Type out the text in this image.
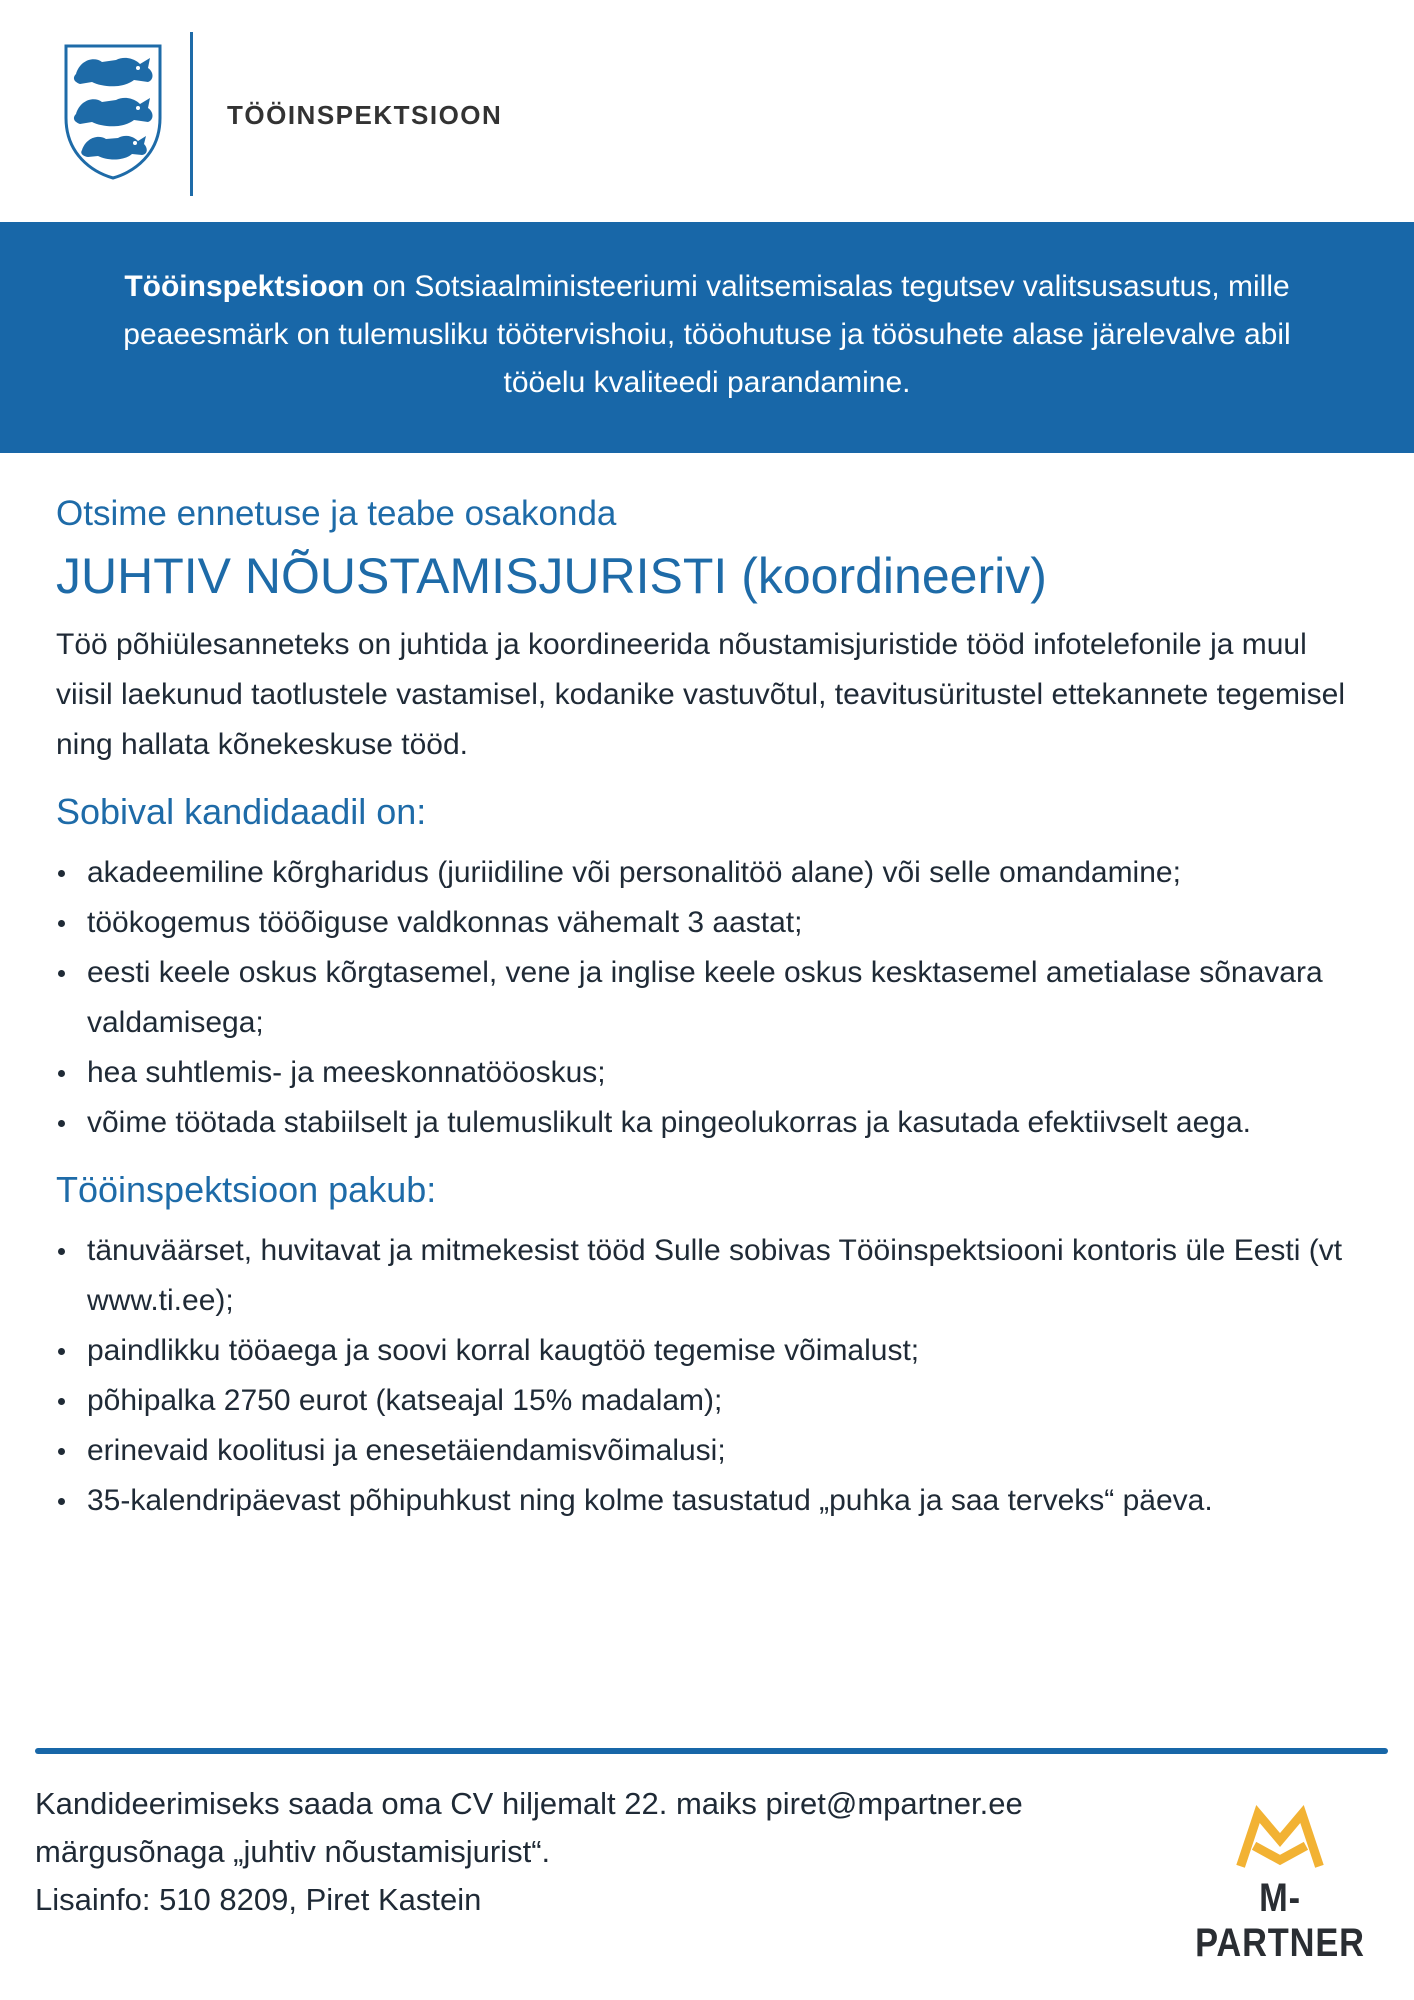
TÖÖINSPEKTSIOON
Tööinspektsioon on Sotsiaalministeeriumi valitsemisalas tegutsev valitsusasutus, mille peaeesmärk on tulemusliku töötervishoiu, tööohutuse ja töösuhete alase järelevalve abil tööelu kvaliteedi parandamine.

Otsime ennetuse ja teabe osakonda

JUHTIV NÕUSTAMISJURISTI (koordineeriv)

Töö põhiülesanneteks on juhtida ja koordineerida nõustamisjuristide tööd infotelefonile ja muul viisil laekunud taotlustele vastamisel, kodanike vastuvõtul, teavitusüritustel ettekannete tegemisel ning hallata kõnekeskuse tööd.

Sobival kandidaadil on:
akadeemiline kõrgharidus (juriidiline või personalitöö alane) või selle omandamine;
töökogemus tööõiguse valdkonnas vähemalt 3 aastat;
eesti keele oskus kõrgtasemel, vene ja inglise keele oskus kesktasemel ametialase sõnavara valdamisega;
hea suhtlemis- ja meeskonnatööoskus;
võime töötada stabiilselt ja tulemuslikult ka pingeolukorras ja kasutada efektiivselt aega.
Tööinspektsioon pakub:
tänuväärset, huvitavat ja mitmekesist tööd Sulle sobivas Tööinspektsiooni kontoris üle Eesti (vt www.ti.ee);
paindlikku tööaega ja soovi korral kaugtöö tegemise võimalust;
põhipalka 2750 eurot (katseajal 15% madalam);
erinevaid koolitusi ja enesetäiendamisvõimalusi;
35-kalendripäevast põhipuhkust ning kolme tasustatud „puhka ja saa terveks“ päeva.

Kandideerimiseks saada oma CV hiljemalt 22. maiks piret@mpartner.ee

märgusõnaga „juhtiv nõustamisjurist“.

Lisainfo: 510 8209, Piret Kastein	M-PARTNER
